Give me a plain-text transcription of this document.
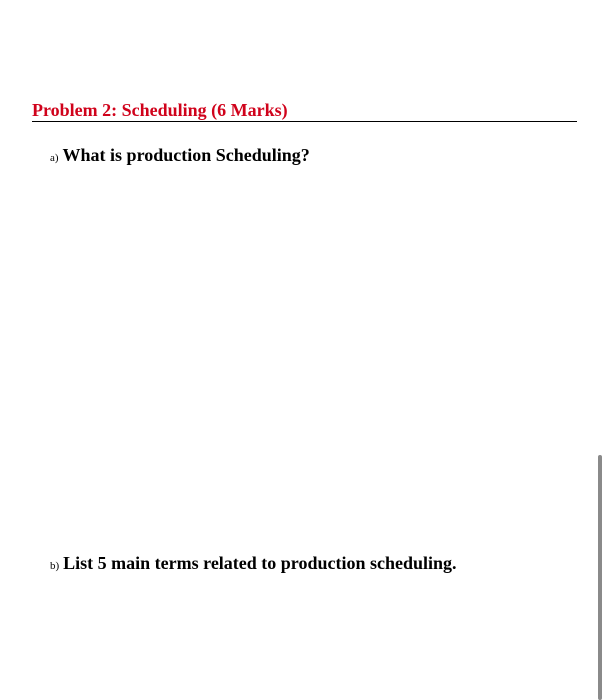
Problem 2: Scheduling (6 Marks)
a) What is production Scheduling?
b) List 5 main terms related to production scheduling.
